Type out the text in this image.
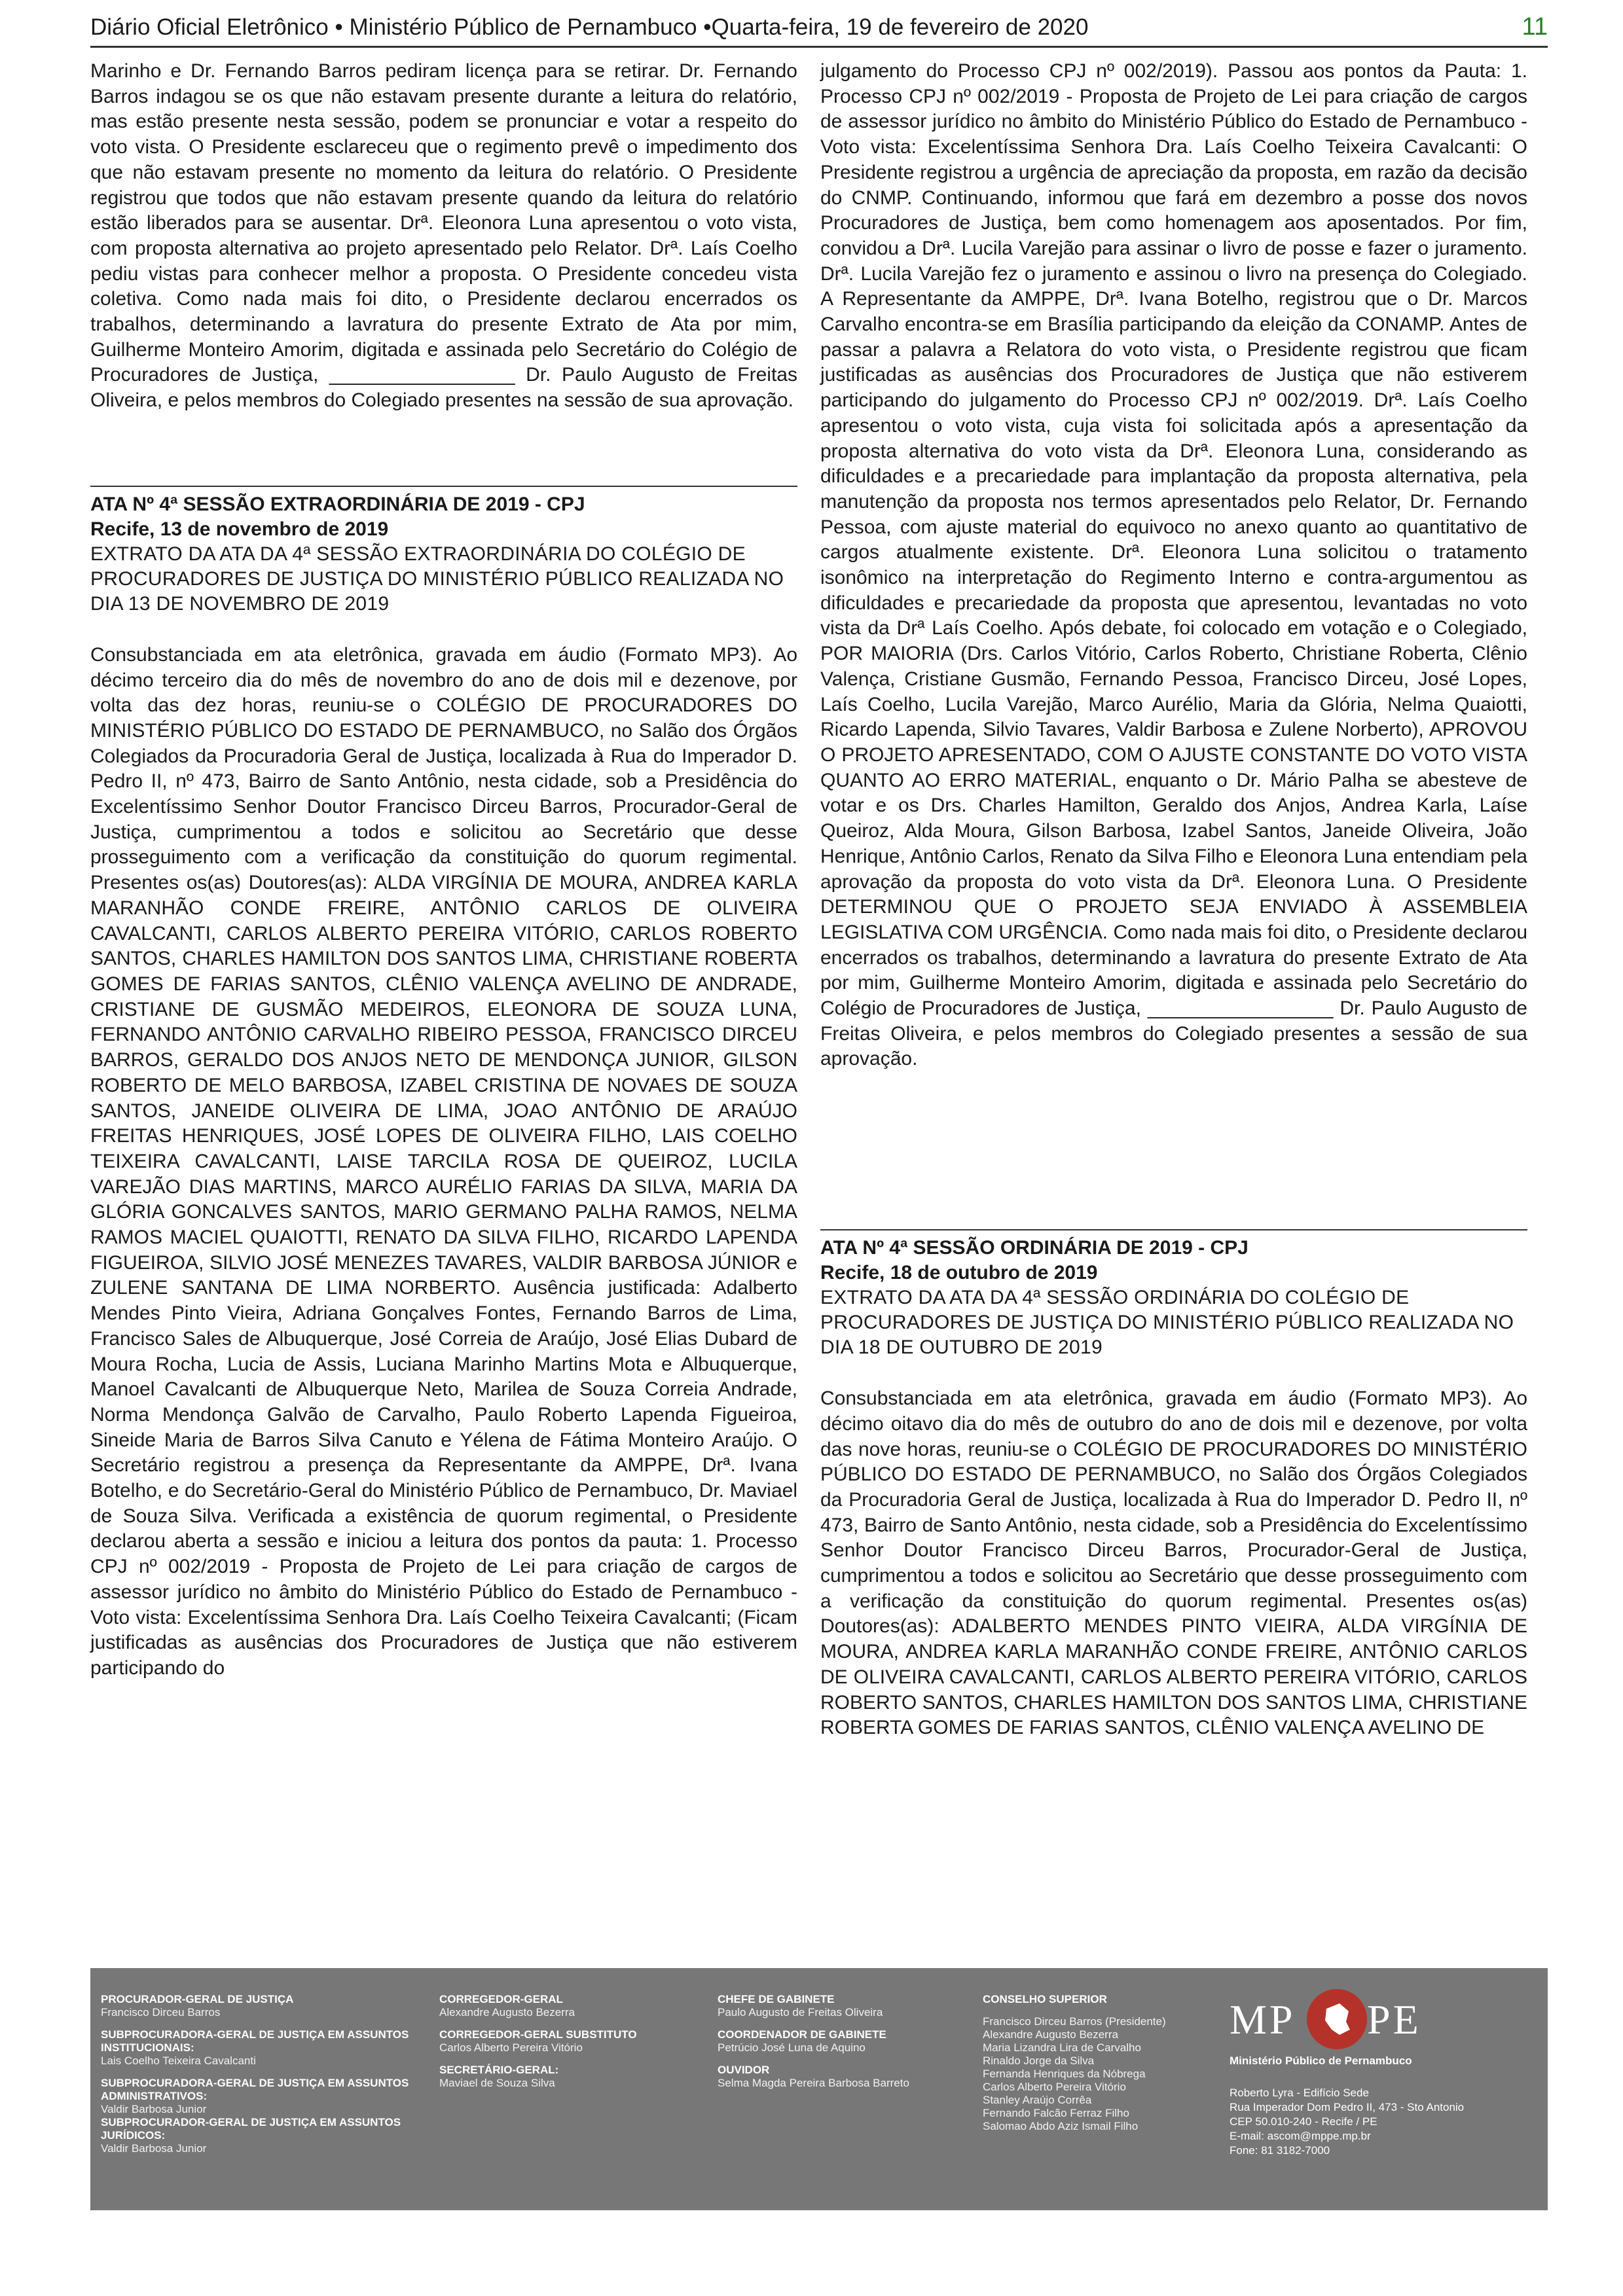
Diário Oficial Eletrônico • Ministério Público de Pernambuco •Quarta-feira, 19 de fevereiro de 2020	11

Marinho e Dr. Fernando Barros pediram licença para se retirar. Dr. Fernando Barros indagou se os que não estavam presente durante a leitura do relatório, mas estão presente nesta sessão, podem se pronunciar e votar a respeito do voto vista. O Presidente esclareceu que o regimento prevê o impedimento dos que não estavam presente no momento da leitura do relatório. O Presidente registrou que todos que não estavam presente quando da leitura do relatório estão liberados para se ausentar. Drª. Eleonora Luna apresentou o voto vista, com proposta alternativa ao projeto apresentado pelo Relator. Drª. Laís Coelho pediu vistas para conhecer melhor a proposta. O Presidente concedeu vista coletiva. Como nada mais foi dito, o Presidente declarou encerrados os trabalhos, determinando a lavratura do presente Extrato de Ata por mim, Guilherme Monteiro Amorim, digitada e assinada pelo Secretário do Colégio de Procuradores de Justiça, _________________ Dr. Paulo Augusto de Freitas Oliveira, e pelos membros do Colegiado presentes na sessão de sua aprovação.

ATA Nº 4ª SESSÃO EXTRAORDINÁRIA DE 2019 - CPJ
Recife, 13 de novembro de 2019
EXTRATO DA ATA DA 4ª SESSÃO EXTRAORDINÁRIA DO COLÉGIO DE PROCURADORES DE JUSTIÇA DO MINISTÉRIO PÚBLICO REALIZADA NO DIA 13 DE NOVEMBRO DE 2019

Consubstanciada em ata eletrônica, gravada em áudio (Formato MP3). Ao décimo terceiro dia do mês de novembro do ano de dois mil e dezenove, por volta das dez horas, reuniu-se o COLÉGIO DE PROCURADORES DO MINISTÉRIO PÚBLICO DO ESTADO DE PERNAMBUCO, no Salão dos Órgãos Colegiados da Procuradoria Geral de Justiça, localizada à Rua do Imperador D. Pedro II, nº 473, Bairro de Santo Antônio, nesta cidade, sob a Presidência do Excelentíssimo Senhor Doutor Francisco Dirceu Barros, Procurador-Geral de Justiça, cumprimentou a todos e solicitou ao Secretário que desse prosseguimento com a verificação da constituição do quorum regimental. Presentes os(as) Doutores(as): ALDA VIRGÍNIA DE MOURA, ANDREA KARLA MARANHÃO CONDE FREIRE, ANTÔNIO CARLOS DE OLIVEIRA CAVALCANTI, CARLOS ALBERTO PEREIRA VITÓRIO, CARLOS ROBERTO SANTOS, CHARLES HAMILTON DOS SANTOS LIMA, CHRISTIANE ROBERTA GOMES DE FARIAS SANTOS, CLÊNIO VALENÇA AVELINO DE ANDRADE, CRISTIANE DE GUSMÃO MEDEIROS, ELEONORA DE SOUZA LUNA, FERNANDO ANTÔNIO CARVALHO RIBEIRO PESSOA, FRANCISCO DIRCEU BARROS, GERALDO DOS ANJOS NETO DE MENDONÇA JUNIOR, GILSON ROBERTO DE MELO BARBOSA, IZABEL CRISTINA DE NOVAES DE SOUZA SANTOS, JANEIDE OLIVEIRA DE LIMA, JOAO ANTÔNIO DE ARAÚJO FREITAS HENRIQUES, JOSÉ LOPES DE OLIVEIRA FILHO, LAIS COELHO TEIXEIRA CAVALCANTI, LAISE TARCILA ROSA DE QUEIROZ, LUCILA VAREJÃO DIAS MARTINS, MARCO AURÉLIO FARIAS DA SILVA, MARIA DA GLÓRIA GONCALVES SANTOS, MARIO GERMANO PALHA RAMOS, NELMA RAMOS MACIEL QUAIOTTI, RENATO DA SILVA FILHO, RICARDO LAPENDA FIGUEIROA, SILVIO JOSÉ MENEZES TAVARES, VALDIR BARBOSA JÚNIOR e ZULENE SANTANA DE LIMA NORBERTO. Ausência justificada: Adalberto Mendes Pinto Vieira, Adriana Gonçalves Fontes, Fernando Barros de Lima, Francisco Sales de Albuquerque, José Correia de Araújo, José Elias Dubard de Moura Rocha, Lucia de Assis, Luciana Marinho Martins Mota e Albuquerque, Manoel Cavalcanti de Albuquerque Neto, Marilea de Souza Correia Andrade, Norma Mendonça Galvão de Carvalho, Paulo Roberto Lapenda Figueiroa, Sineide Maria de Barros Silva Canuto e Yélena de Fátima Monteiro Araújo. O Secretário registrou a presença da Representante da AMPPE, Drª. Ivana Botelho, e do Secretário-Geral do Ministério Público de Pernambuco, Dr. Maviael de Souza Silva. Verificada a existência de quorum regimental, o Presidente declarou aberta a sessão e iniciou a leitura dos pontos da pauta: 1. Processo CPJ nº 002/2019 - Proposta de Projeto de Lei para criação de cargos de assessor jurídico no âmbito do Ministério Público do Estado de Pernambuco - Voto vista: Excelentíssima Senhora Dra. Laís Coelho Teixeira Cavalcanti; (Ficam justificadas as ausências dos Procuradores de Justiça que não estiverem participando do

julgamento do Processo CPJ nº 002/2019). Passou aos pontos da Pauta: 1. Processo CPJ nº 002/2019 - Proposta de Projeto de Lei para criação de cargos de assessor jurídico no âmbito do Ministério Público do Estado de Pernambuco - Voto vista: Excelentíssima Senhora Dra. Laís Coelho Teixeira Cavalcanti: O Presidente registrou a urgência de apreciação da proposta, em razão da decisão do CNMP. Continuando, informou que fará em dezembro a posse dos novos Procuradores de Justiça, bem como homenagem aos aposentados. Por fim, convidou a Drª. Lucila Varejão para assinar o livro de posse e fazer o juramento. Drª. Lucila Varejão fez o juramento e assinou o livro na presença do Colegiado. A Representante da AMPPE, Drª. Ivana Botelho, registrou que o Dr. Marcos Carvalho encontra-se em Brasília participando da eleição da CONAMP. Antes de passar a palavra a Relatora do voto vista, o Presidente registrou que ficam justificadas as ausências dos Procuradores de Justiça que não estiverem participando do julgamento do Processo CPJ nº 002/2019. Drª. Laís Coelho apresentou o voto vista, cuja vista foi solicitada após a apresentação da proposta alternativa do voto vista da Drª. Eleonora Luna, considerando as dificuldades e a precariedade para implantação da proposta alternativa, pela manutenção da proposta nos termos apresentados pelo Relator, Dr. Fernando Pessoa, com ajuste material do equivoco no anexo quanto ao quantitativo de cargos atualmente existente. Drª. Eleonora Luna solicitou o tratamento isonômico na interpretação do Regimento Interno e contra-argumentou as dificuldades e precariedade da proposta que apresentou, levantadas no voto vista da Drª Laís Coelho. Após debate, foi colocado em votação e o Colegiado, POR MAIORIA (Drs. Carlos Vitório, Carlos Roberto, Christiane Roberta, Clênio Valença, Cristiane Gusmão, Fernando Pessoa, Francisco Dirceu, José Lopes, Laís Coelho, Lucila Varejão, Marco Aurélio, Maria da Glória, Nelma Quaiotti, Ricardo Lapenda, Silvio Tavares, Valdir Barbosa e Zulene Norberto), APROVOU O PROJETO APRESENTADO, COM O AJUSTE CONSTANTE DO VOTO VISTA QUANTO AO ERRO MATERIAL, enquanto o Dr. Mário Palha se abesteve de votar e os Drs. Charles Hamilton, Geraldo dos Anjos, Andrea Karla, Laíse Queiroz, Alda Moura, Gilson Barbosa, Izabel Santos, Janeide Oliveira, João Henrique, Antônio Carlos, Renato da Silva Filho e Eleonora Luna entendiam pela aprovação da proposta do voto vista da Drª. Eleonora Luna. O Presidente DETERMINOU QUE O PROJETO SEJA ENVIADO À ASSEMBLEIA LEGISLATIVA COM URGÊNCIA. Como nada mais foi dito, o Presidente declarou encerrados os trabalhos, determinando a lavratura do presente Extrato de Ata por mim, Guilherme Monteiro Amorim, digitada e assinada pelo Secretário do Colégio de Procuradores de Justiça, _________________ Dr. Paulo Augusto de Freitas Oliveira, e pelos membros do Colegiado presentes a sessão de sua aprovação.

ATA Nº 4ª SESSÃO ORDINÁRIA DE 2019 - CPJ
Recife, 18 de outubro de 2019
EXTRATO DA ATA DA 4ª SESSÃO ORDINÁRIA DO COLÉGIO DE PROCURADORES DE JUSTIÇA DO MINISTÉRIO PÚBLICO REALIZADA NO DIA 18 DE OUTUBRO DE 2019

Consubstanciada em ata eletrônica, gravada em áudio (Formato MP3). Ao décimo oitavo dia do mês de outubro do ano de dois mil e dezenove, por volta das nove horas, reuniu-se o COLÉGIO DE PROCURADORES DO MINISTÉRIO PÚBLICO DO ESTADO DE PERNAMBUCO, no Salão dos Órgãos Colegiados da Procuradoria Geral de Justiça, localizada à Rua do Imperador D. Pedro II, nº 473, Bairro de Santo Antônio, nesta cidade, sob a Presidência do Excelentíssimo Senhor Doutor Francisco Dirceu Barros, Procurador-Geral de Justiça, cumprimentou a todos e solicitou ao Secretário que desse prosseguimento com a verificação da constituição do quorum regimental. Presentes os(as) Doutores(as): ADALBERTO MENDES PINTO VIEIRA, ALDA VIRGÍNIA DE MOURA, ANDREA KARLA MARANHÃO CONDE FREIRE, ANTÔNIO CARLOS DE OLIVEIRA CAVALCANTI, CARLOS ALBERTO PEREIRA VITÓRIO, CARLOS ROBERTO SANTOS, CHARLES HAMILTON DOS SANTOS LIMA, CHRISTIANE ROBERTA GOMES DE FARIAS SANTOS, CLÊNIO VALENÇA AVELINO DE

PROCURADOR-GERAL DE JUSTIÇA
Francisco Dirceu Barros
SUBPROCURADORA-GERAL DE JUSTIÇA EM ASSUNTOS INSTITUCIONAIS:
Lais Coelho Teixeira Cavalcanti
SUBPROCURADORA-GERAL DE JUSTIÇA EM ASSUNTOS ADMINISTRATIVOS:
Valdir Barbosa Junior
SUBPROCURADOR-GERAL DE JUSTIÇA EM ASSUNTOS JURÍDICOS:
Valdir Barbosa Junior
CORREGEDOR-GERAL
Alexandre Augusto Bezerra
CORREGEDOR-GERAL SUBSTITUTO
Carlos Alberto Pereira Vitório
SECRETÁRIO-GERAL:
Maviael de Souza Silva
CHEFE DE GABINETE
Paulo Augusto de Freitas Oliveira
COORDENADOR DE GABINETE
Petrúcio José Luna de Aquino
OUVIDOR
Selma Magda Pereira Barbosa Barreto
CONSELHO SUPERIOR
Francisco Dirceu Barros (Presidente)
Alexandre Augusto Bezerra
Maria Lizandra Lira de Carvalho
Rinaldo Jorge da Silva
Fernanda Henriques da Nóbrega
Carlos Alberto Pereira Vitório
Stanley Araújo Corrêa
Fernando Falcão Ferraz Filho
Salomao Abdo Aziz Ismail Filho
MP PE
Ministério Público de Pernambuco
Roberto Lyra - Edifício Sede
Rua Imperador Dom Pedro II, 473 - Sto Antonio
CEP 50.010-240 - Recife / PE
E-mail: ascom@mppe.mp.br
Fone: 81 3182-7000
